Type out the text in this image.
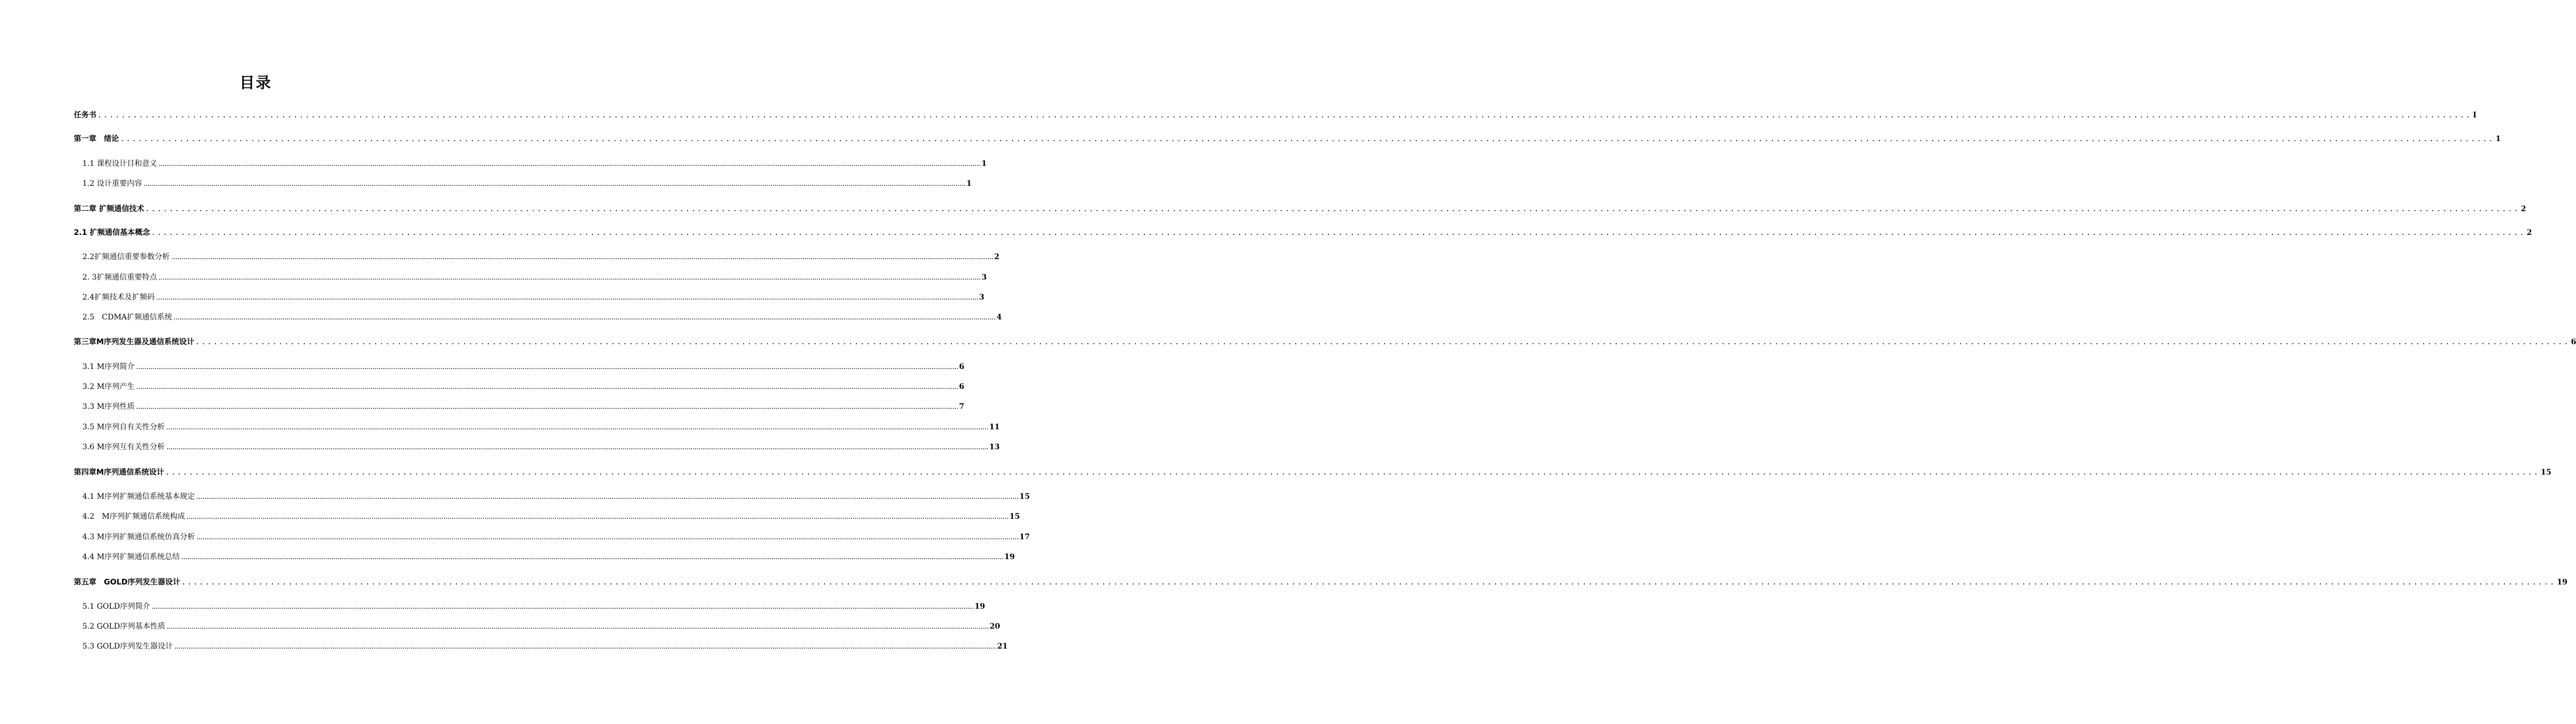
目录
任务书 ................................................................................................................................................................................................................................................................................................................................................................................................................ I
第一章　绪论 ................................................................................................................................................................................................................................................................................................................................................................................................................ 1
1.1 课程设计目和意义 ................................................................................................................................................................................................................................................................................................................................................................................................................ 1
1.2 设计重要内容 ................................................................................................................................................................................................................................................................................................................................................................................................................ 1
第二章 扩频通信技术 ................................................................................................................................................................................................................................................................................................................................................................................................................ 2
2.1 扩频通信基本概念 ................................................................................................................................................................................................................................................................................................................................................................................................................ 2
2.2扩频通信重要参数分析 ................................................................................................................................................................................................................................................................................................................................................................................................................ 2
2. 3扩频通信重要特点 ................................................................................................................................................................................................................................................................................................................................................................................................................ 3
2.4扩频技术及扩频码 ................................................................................................................................................................................................................................................................................................................................................................................................................ 3
2.5　CDMA扩频通信系统 ................................................................................................................................................................................................................................................................................................................................................................................................................ 4
第三章M序列发生器及通信系统设计 ................................................................................................................................................................................................................................................................................................................................................................................................................ 6
3.1 M序列简介 ................................................................................................................................................................................................................................................................................................................................................................................................................ 6
3.2 M序列产生 ................................................................................................................................................................................................................................................................................................................................................................................................................ 6
3.3 M序列性质 ................................................................................................................................................................................................................................................................................................................................................................................................................ 7
3.5 M序列自有关性分析 ................................................................................................................................................................................................................................................................................................................................................................................................................ 11
3.6 M序列互有关性分析 ................................................................................................................................................................................................................................................................................................................................................................................................................ 13
第四章M序列通信系统设计 ................................................................................................................................................................................................................................................................................................................................................................................................................ 15
4.1 M序列扩频通信系统基本规定 ................................................................................................................................................................................................................................................................................................................................................................................................................ 15
4.2　M序列扩频通信系统构成 ................................................................................................................................................................................................................................................................................................................................................................................................................ 15
4.3 M序列扩频通信系统仿真分析 ................................................................................................................................................................................................................................................................................................................................................................................................................ 17
4.4 M序列扩频通信系统总结 ................................................................................................................................................................................................................................................................................................................................................................................................................ 19
第五章　GOLD序列发生器设计 ................................................................................................................................................................................................................................................................................................................................................................................................................ 19
5.1 GOLD序列简介 ................................................................................................................................................................................................................................................................................................................................................................................................................ 19
5.2 GOLD序列基本性质 ................................................................................................................................................................................................................................................................................................................................................................................................................ 20
5.3 GOLD序列发生器设计 ................................................................................................................................................................................................................................................................................................................................................................................................................ 21
